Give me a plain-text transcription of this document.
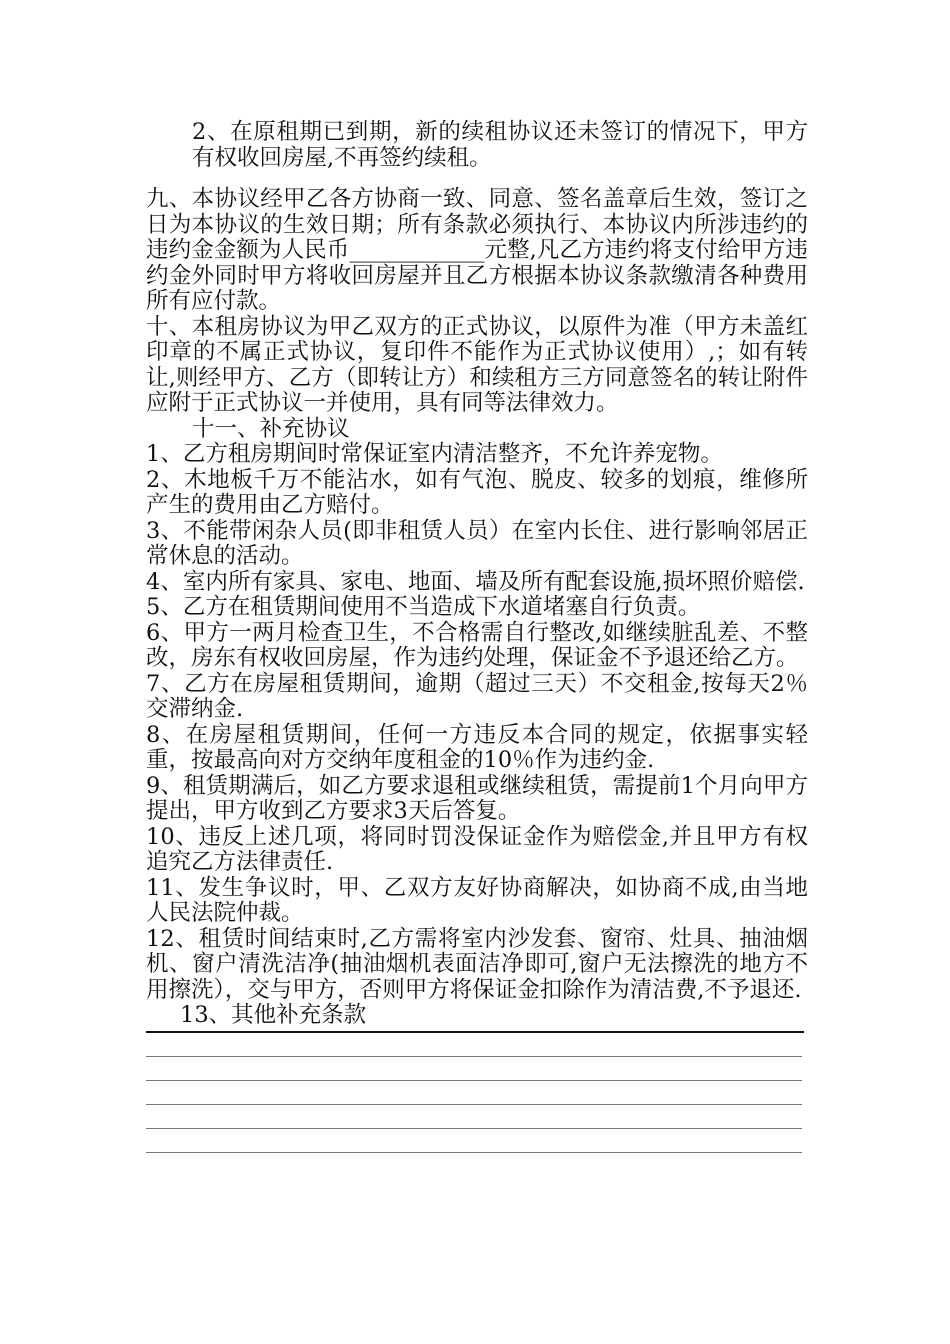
2、在原租期已到期，新的续租协议还未签订的情况下，甲方有权收回房屋,不再签约续租。

九、本协议经甲乙各方协商一致、同意、签名盖章后生效，签订之日为本协议的生效日期；所有条款必须执行、本协议内所涉违约的违约金金额为人民币____________元整,凡乙方违约将支付给甲方违约金外同时甲方将收回房屋并且乙方根据本协议条款缴清各种费用所有应付款。

十、本租房协议为甲乙双方的正式协议，以原件为准（甲方未盖红印章的不属正式协议，复印件不能作为正式协议使用）,；如有转让,则经甲方、乙方（即转让方）和续租方三方同意签名的转让附件应附于正式协议一并使用，具有同等法律效力。

十一、补充协议

1、乙方租房期间时常保证室内清洁整齐，不允许养宠物。

2、木地板千万不能沾水，如有气泡、脱皮、较多的划痕，维修所产生的费用由乙方赔付。

3、不能带闲杂人员(即非租赁人员）在室内长住、进行影响邻居正常休息的活动。

4、室内所有家具、家电、地面、墙及所有配套设施,损坏照价赔偿.

5、乙方在租赁期间使用不当造成下水道堵塞自行负责。

6、甲方一两月检查卫生，不合格需自行整改,如继续脏乱差、不整改，房东有权收回房屋，作为违约处理，保证金不予退还给乙方。

7、乙方在房屋租赁期间，逾期（超过三天）不交租金,按每天2％交滞纳金.

8、在房屋租赁期间，任何一方违反本合同的规定，依据事实轻重，按最高向对方交纳年度租金的10％作为违约金.

9、租赁期满后，如乙方要求退租或继续租赁，需提前1个月向甲方提出，甲方收到乙方要求3天后答复。

10、违反上述几项，将同时罚没保证金作为赔偿金,并且甲方有权追究乙方法律责任.

11、发生争议时，甲、乙双方友好协商解决，如协商不成,由当地人民法院仲裁。

12、租赁时间结束时,乙方需将室内沙发套、窗帘、灶具、抽油烟机、窗户清洗洁净(抽油烟机表面洁净即可,窗户无法擦洗的地方不用擦洗），交与甲方，否则甲方将保证金扣除作为清洁费,不予退还.

13、其他补充条款
